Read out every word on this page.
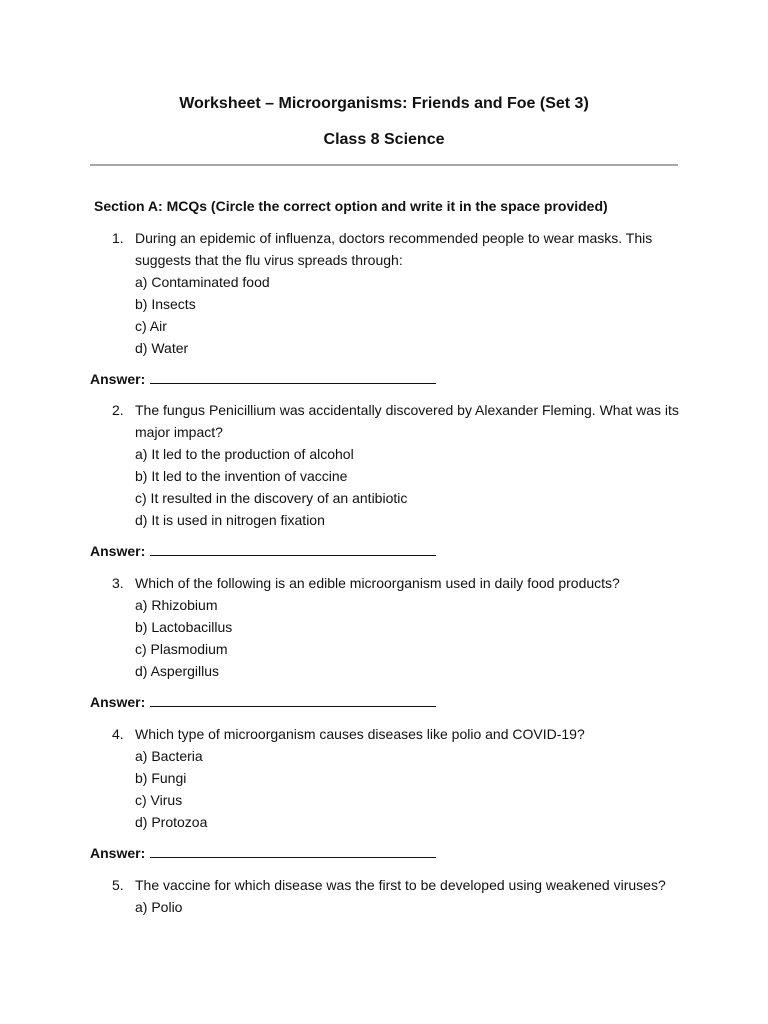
Worksheet – Microorganisms: Friends and Foe (Set 3)
Class 8 Science
Section A: MCQs (Circle the correct option and write it in the space provided)
1. During an epidemic of influenza, doctors recommended people to wear masks. This
suggests that the flu virus spreads through:
a) Contaminated food
b) Insects
c) Air
d) Water
Answer:
2. The fungus Penicillium was accidentally discovered by Alexander Fleming. What was its
major impact?
a) It led to the production of alcohol
b) It led to the invention of vaccine
c) It resulted in the discovery of an antibiotic
d) It is used in nitrogen fixation
Answer:
3. Which of the following is an edible microorganism used in daily food products?
a) Rhizobium
b) Lactobacillus
c) Plasmodium
d) Aspergillus
Answer:
4. Which type of microorganism causes diseases like polio and COVID-19?
a) Bacteria
b) Fungi
c) Virus
d) Protozoa
Answer:
5. The vaccine for which disease was the first to be developed using weakened viruses?
a) Polio
